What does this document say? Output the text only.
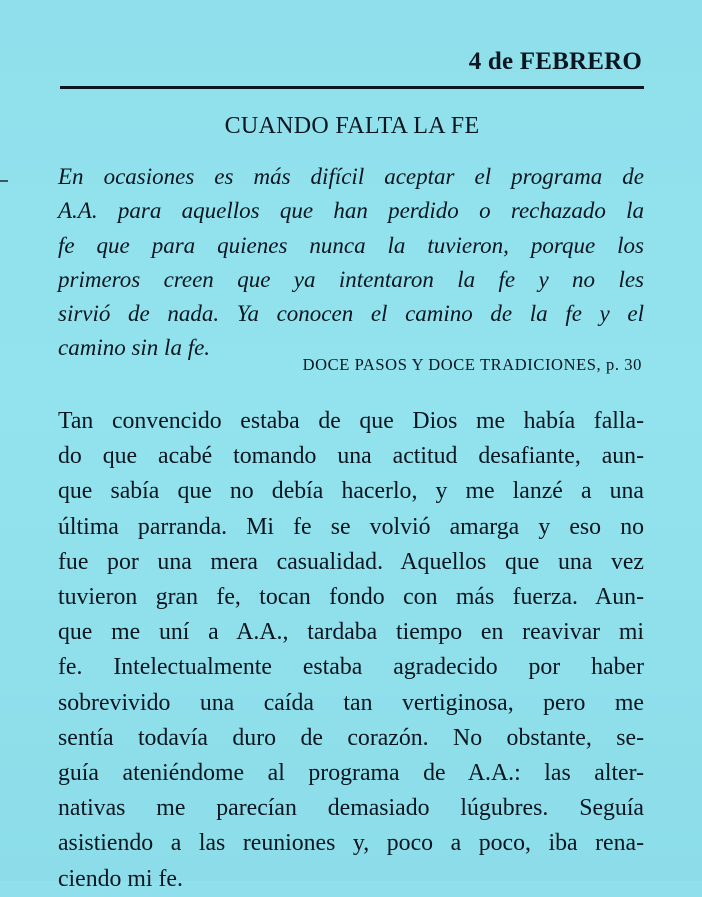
4 de FEBRERO
CUANDO FALTA LA FE

En ocasiones es más difícil aceptar el programa de
A.A. para aquellos que han perdido o rechazado la
fe que para quienes nunca la tuvieron, porque los
primeros creen que ya intentaron la fe y no les
sirvió de nada. Ya conocen el camino de la fe y el
camino sin la fe.

DOCE PASOS Y DOCE TRADICIONES, p. 30

Tan convencido estaba de que Dios me había falla-
do que acabé tomando una actitud desafiante, aun-
que sabía que no debía hacerlo, y me lanzé a una
última parranda. Mi fe se volvió amarga y eso no
fue por una mera casualidad. Aquellos que una vez
tuvieron gran fe, tocan fondo con más fuerza. Aun-
que me uní a A.A., tardaba tiempo en reavivar mi
fe. Intelectualmente estaba agradecido por haber
sobrevivido una caída tan vertiginosa, pero me
sentía todavía duro de corazón. No obstante, se-
guía ateniéndome al programa de A.A.: las alter-
nativas me parecían demasiado lúgubres. Seguía
asistiendo a las reuniones y, poco a poco, iba rena-
ciendo mi fe.
